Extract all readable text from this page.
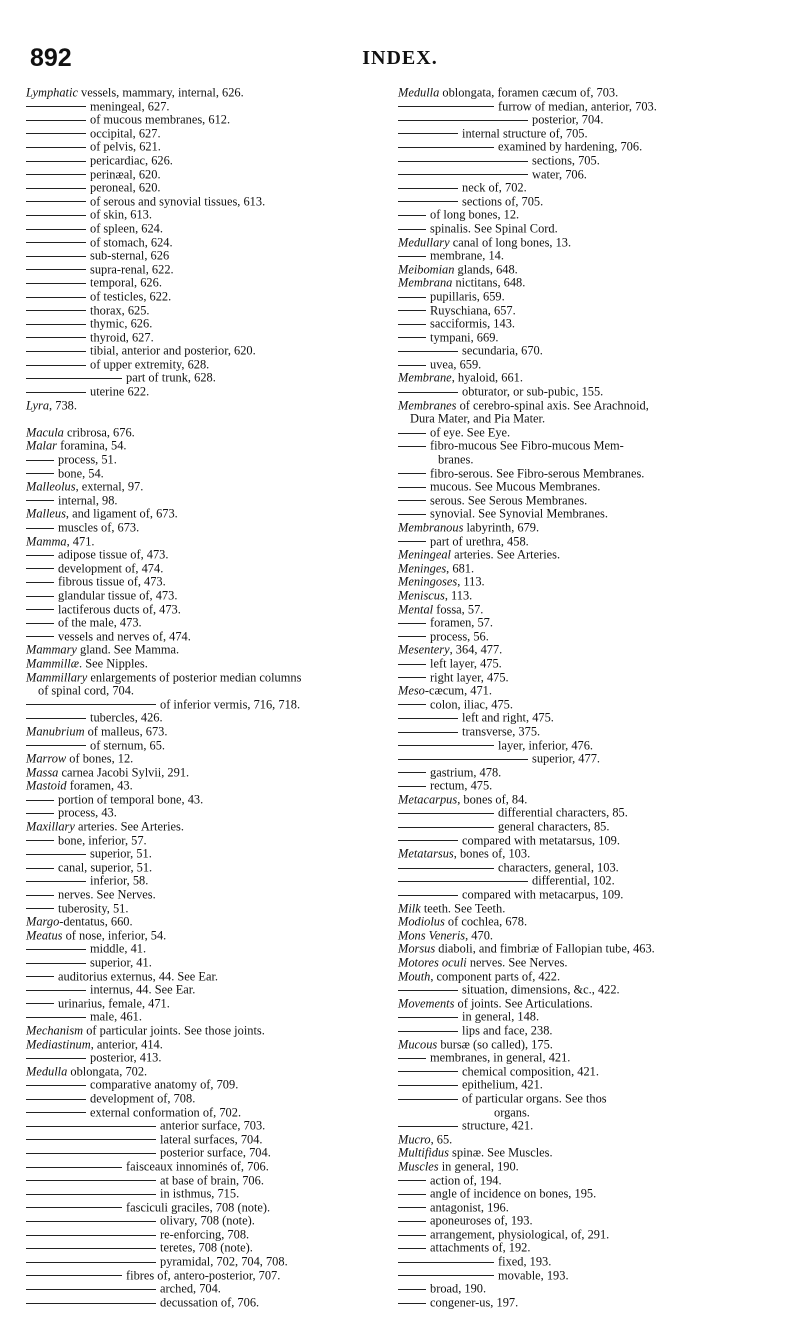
892	INDEX.
Lymphatic vessels, mammary, internal, 626.
meningeal, 627.
of mucous membranes, 612.
occipital, 627.
of pelvis, 621.
pericardiac, 626.
perinæal, 620.
peroneal, 620.
of serous and synovial tissues, 613.
of skin, 613.
of spleen, 624.
of stomach, 624.
sub-sternal, 626
supra-renal, 622.
temporal, 626.
of testicles, 622.
thorax, 625.
thymic, 626.
thyroid, 627.
tibial, anterior and posterior, 620.
of upper extremity, 628.
part of trunk, 628.
uterine 622.
Lyra, 738.
Macula cribrosa, 676.
Malar foramina, 54.
process, 51.
bone, 54.
Malleolus, external, 97.
internal, 98.
Malleus, and ligament of, 673.
muscles of, 673.
Mamma, 471.
adipose tissue of, 473.
development of, 474.
fibrous tissue of, 473.
glandular tissue of, 473.
lactiferous ducts of, 473.
of the male, 473.
vessels and nerves of, 474.
Mammary gland. See Mamma.
Mammillæ. See Nipples.
Mammillary enlargements of posterior median columns
of spinal cord, 704.
of inferior vermis, 716, 718.
tubercles, 426.
Manubrium of malleus, 673.
of sternum, 65.
Marrow of bones, 12.
Massa carnea Jacobi Sylvii, 291.
Mastoid foramen, 43.
portion of temporal bone, 43.
process, 43.
Maxillary arteries. See Arteries.
bone, inferior, 57.
superior, 51.
canal, superior, 51.
inferior, 58.
nerves. See Nerves.
tuberosity, 51.
Margo-dentatus, 660.
Meatus of nose, inferior, 54.
middle, 41.
superior, 41.
auditorius externus, 44. See Ear.
internus, 44. See Ear.
urinarius, female, 471.
male, 461.
Mechanism of particular joints. See those joints.
Mediastinum, anterior, 414.
posterior, 413.
Medulla oblongata, 702.
comparative anatomy of, 709.
development of, 708.
external conformation of, 702.
anterior surface, 703.
lateral surfaces, 704.
posterior surface, 704.
faisceaux innominés of, 706.
at base of brain, 706.
in isthmus, 715.
fasciculi graciles, 708 (note).
olivary, 708 (note).
re-enforcing, 708.
teretes, 708 (note).
pyramidal, 702, 704, 708.
fibres of, antero-posterior, 707.
arched, 704.
decussation of, 706.
Medulla oblongata, foramen cæcum of, 703.
furrow of median, anterior, 703.
posterior, 704.
internal structure of, 705.
examined by hardening, 706.
sections, 705.
water, 706.
neck of, 702.
sections of, 705.
of long bones, 12.
spinalis. See Spinal Cord.
Medullary canal of long bones, 13.
membrane, 14.
Meibomian glands, 648.
Membrana nictitans, 648.
pupillaris, 659.
Ruyschiana, 657.
sacciformis, 143.
tympani, 669.
secundaria, 670.
uvea, 659.
Membrane, hyaloid, 661.
obturator, or sub-pubic, 155.
Membranes of cerebro-spinal axis. See Arachnoid,
Dura Mater, and Pia Mater.
of eye. See Eye.
fibro-mucous See Fibro-mucous Mem-
branes.
fibro-serous. See Fibro-serous Membranes.
mucous. See Mucous Membranes.
serous. See Serous Membranes.
synovial. See Synovial Membranes.
Membranous labyrinth, 679.
part of urethra, 458.
Meningeal arteries. See Arteries.
Meninges, 681.
Meningoses, 113.
Meniscus, 113.
Mental fossa, 57.
foramen, 57.
process, 56.
Mesentery, 364, 477.
left layer, 475.
right layer, 475.
Meso-cæcum, 471.
colon, iliac, 475.
left and right, 475.
transverse, 375.
layer, inferior, 476.
superior, 477.
gastrium, 478.
rectum, 475.
Metacarpus, bones of, 84.
differential characters, 85.
general characters, 85.
compared with metatarsus, 109.
Metatarsus, bones of, 103.
characters, general, 103.
differential, 102.
compared with metacarpus, 109.
Milk teeth. See Teeth.
Modiolus of cochlea, 678.
Mons Veneris, 470.
Morsus diaboli, and fimbriæ of Fallopian tube, 463.
Motores oculi nerves. See Nerves.
Mouth, component parts of, 422.
situation, dimensions, &c., 422.
Movements of joints. See Articulations.
in general, 148.
lips and face, 238.
Mucous bursæ (so called), 175.
membranes, in general, 421.
chemical composition, 421.
epithelium, 421.
of particular organs. See thos
organs.
structure, 421.
Mucro, 65.
Multifidus spinæ. See Muscles.
Muscles in general, 190.
action of, 194.
angle of incidence on bones, 195.
antagonist, 196.
aponeuroses of, 193.
arrangement, physiological, of, 291.
attachments of, 192.
fixed, 193.
movable, 193.
broad, 190.
congener-us, 197.
